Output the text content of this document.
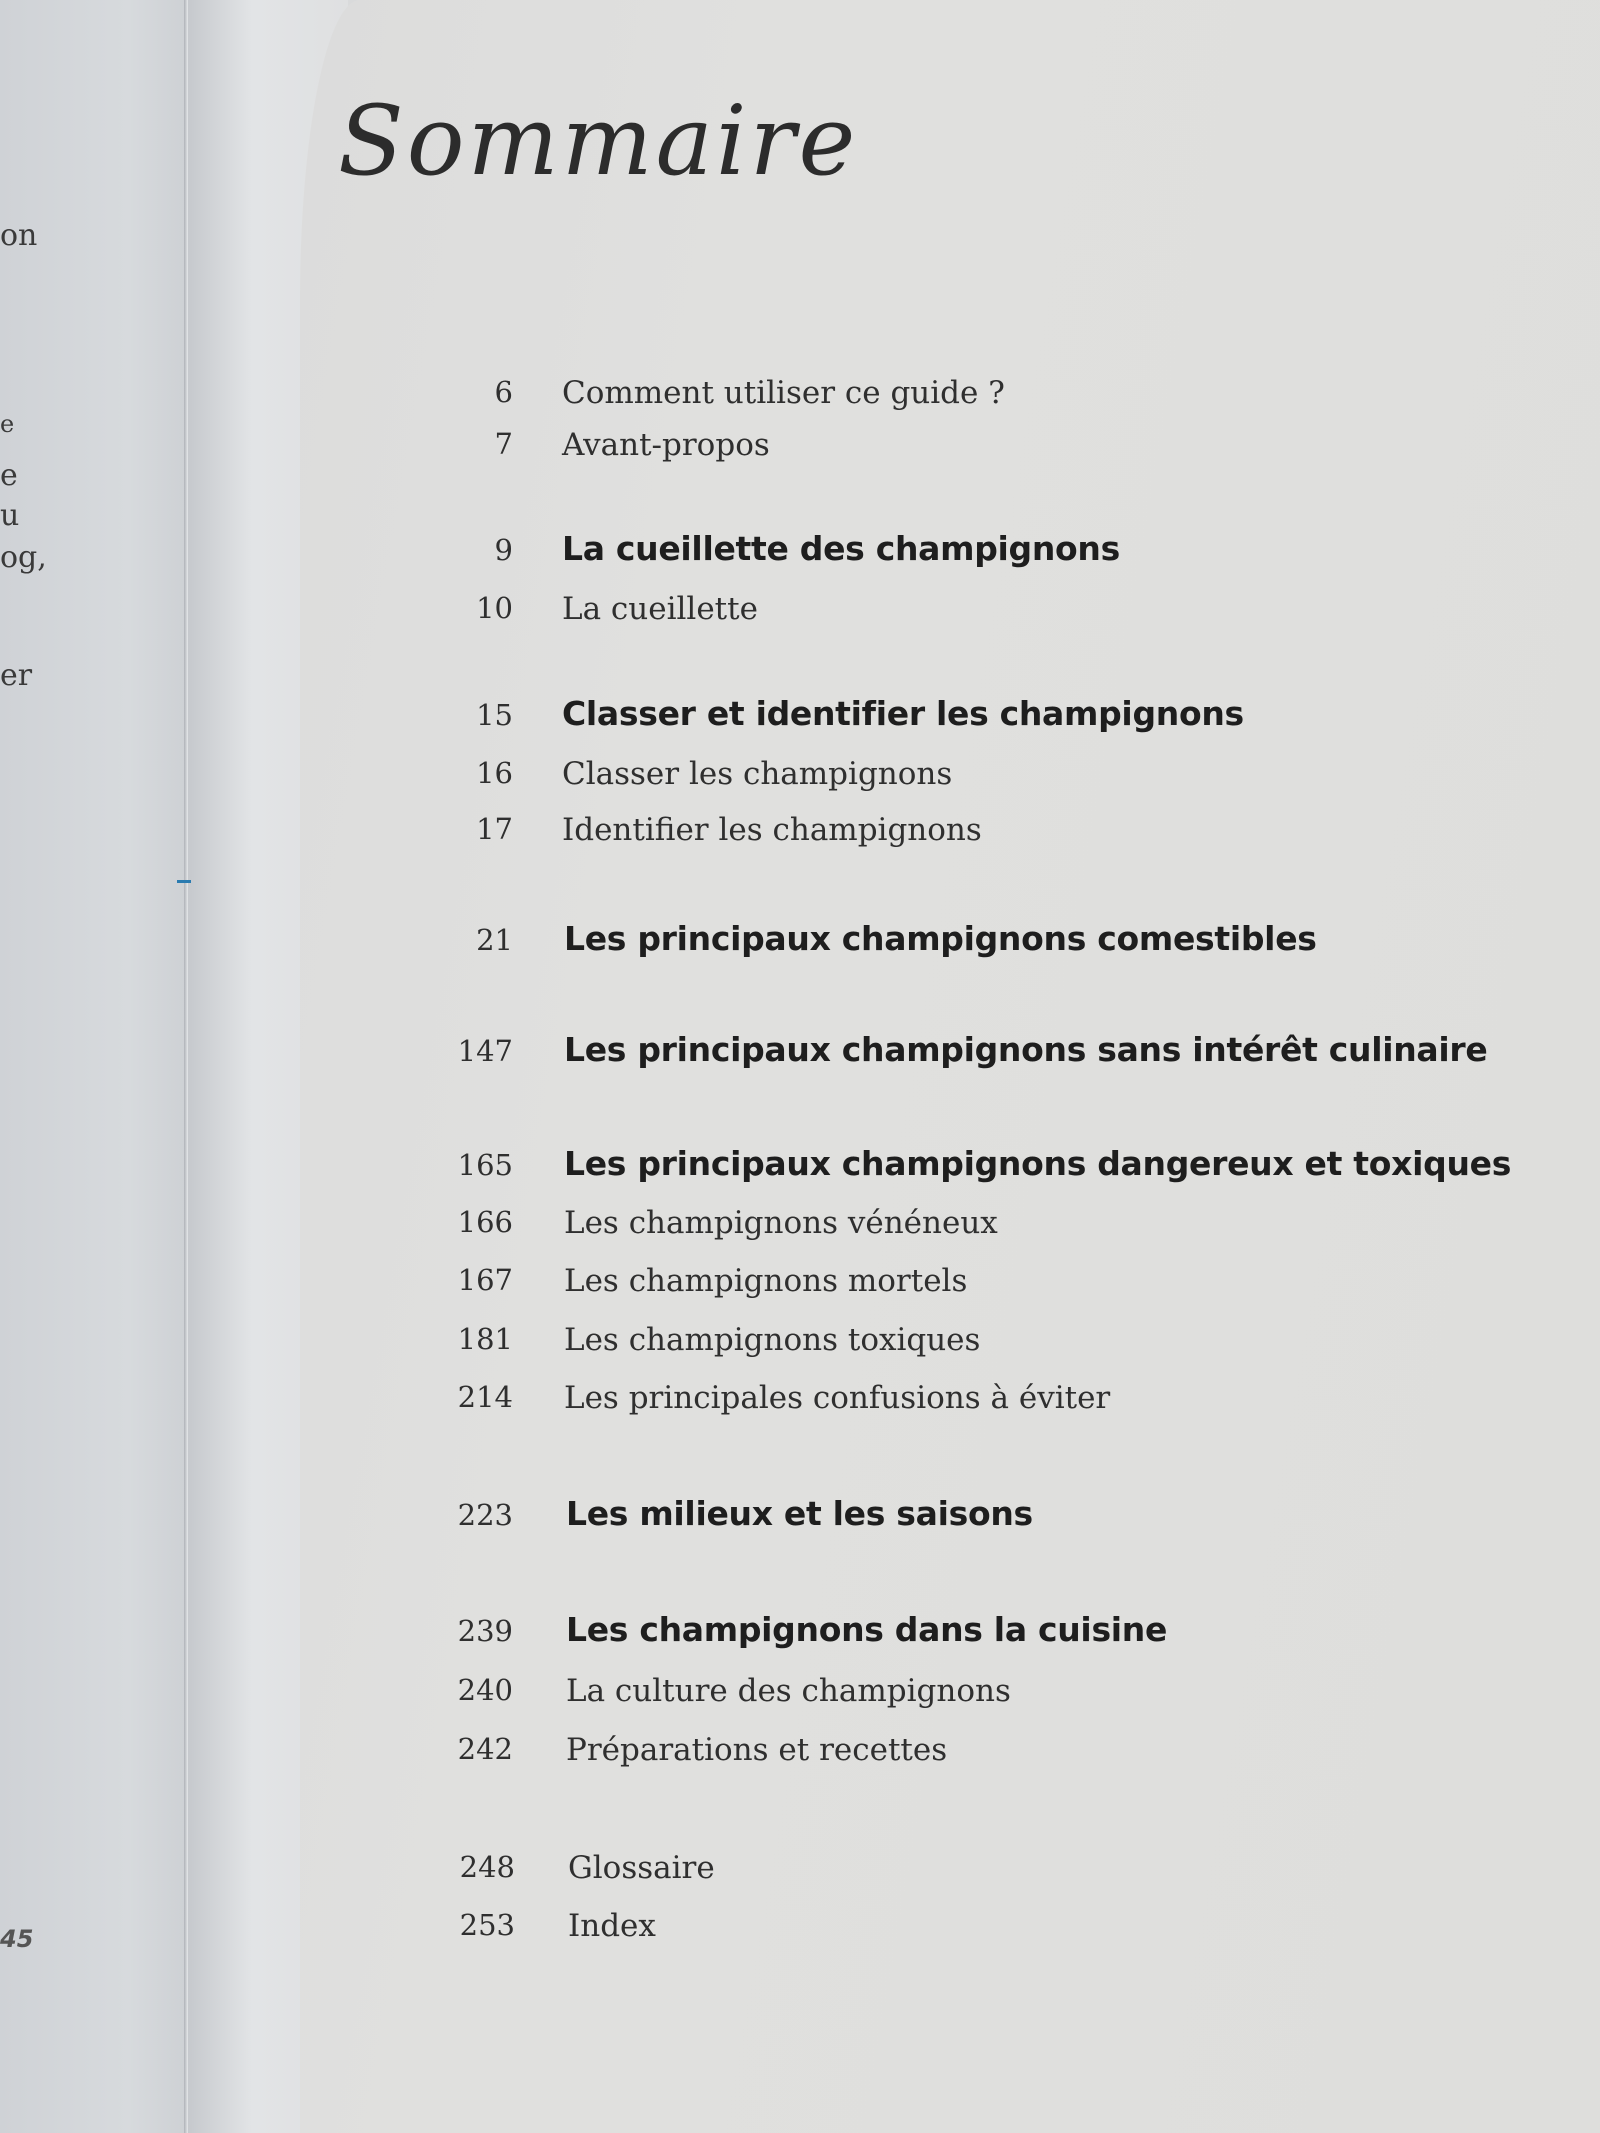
on

e

e

u

og,

er

45

Sommaire
6 Comment utiliser ce guide ?
7 Avant-propos
9 La cueillette des champignons
10 La cueillette
15 Classer et identifier les champignons
16 Classer les champignons
17 Identifier les champignons
21 Les principaux champignons comestibles
147 Les principaux champignons sans intérêt culinaire
165 Les principaux champignons dangereux et toxiques
166 Les champignons vénéneux
167 Les champignons mortels
181 Les champignons toxiques
214 Les principales confusions à éviter
223 Les milieux et les saisons
239 Les champignons dans la cuisine
240 La culture des champignons
242 Préparations et recettes
248 Glossaire
253 Index
